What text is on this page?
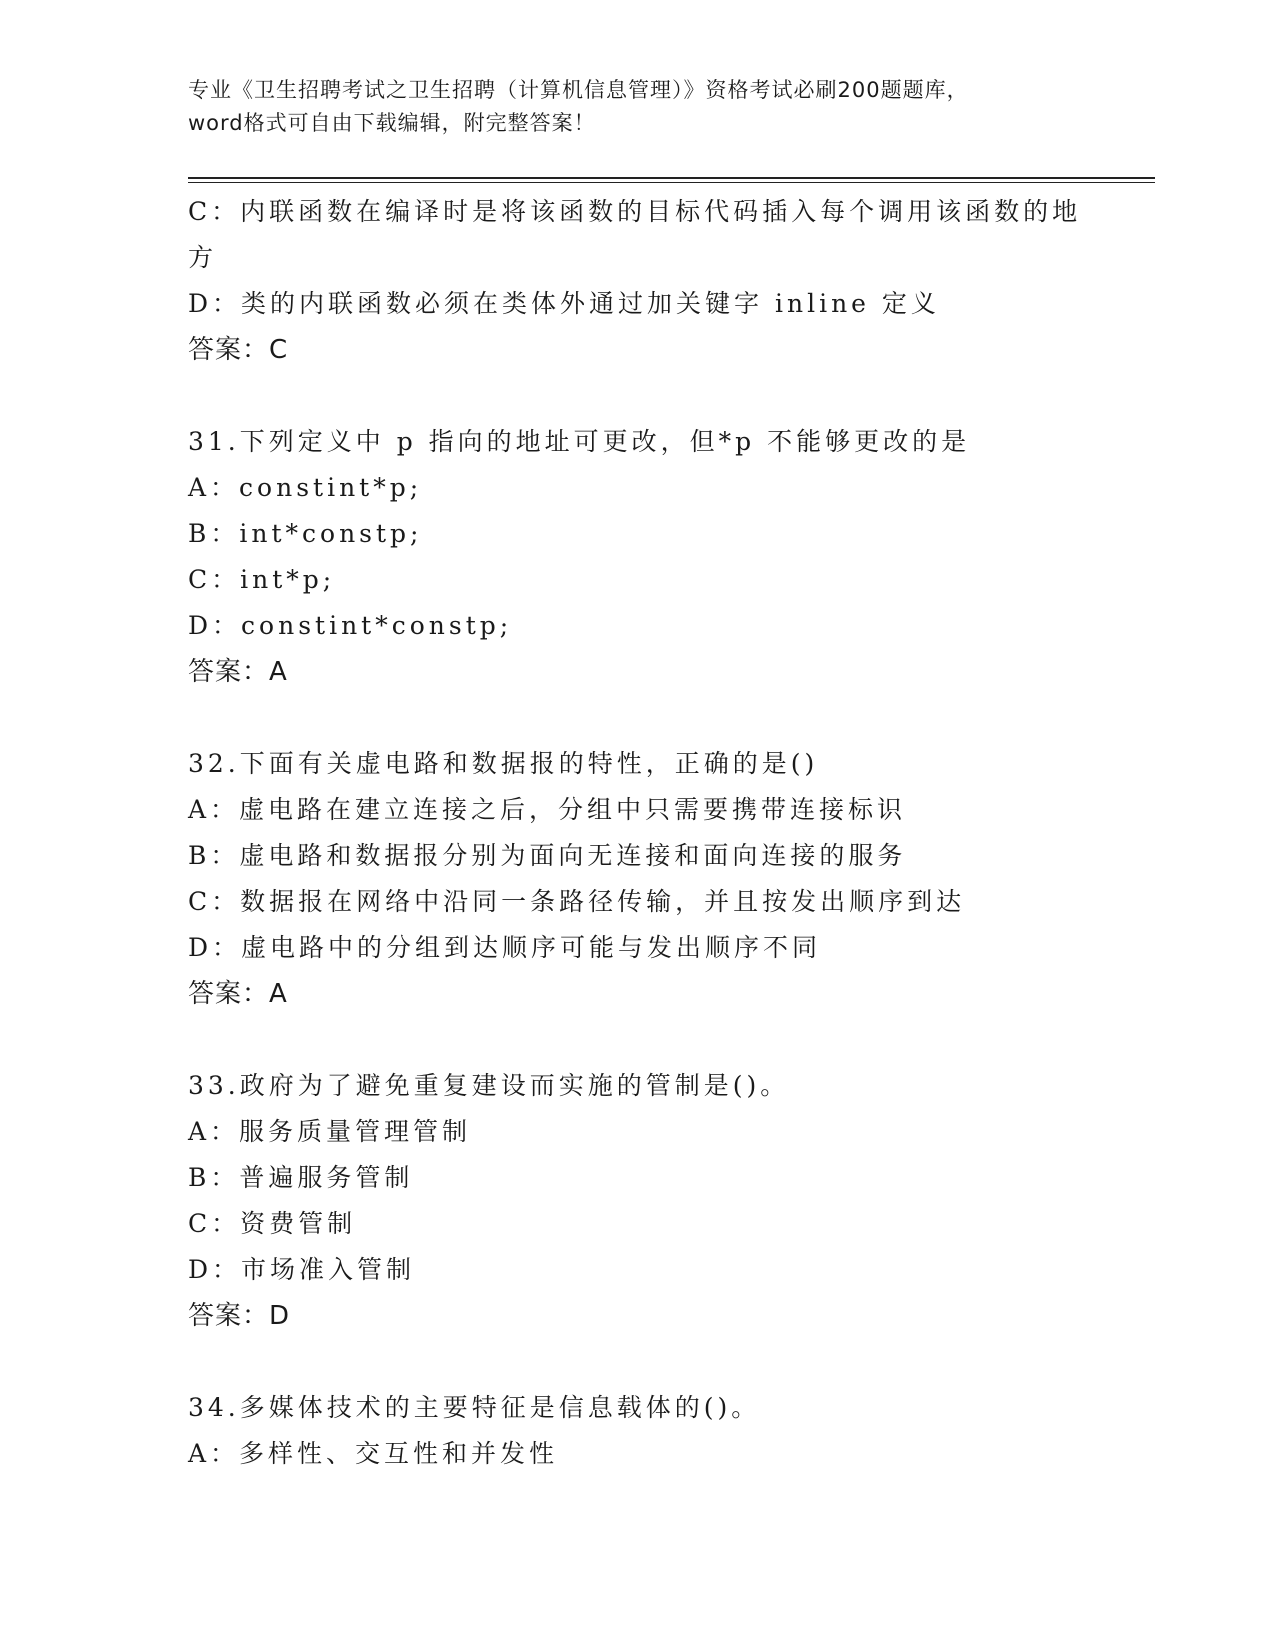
专业《卫生招聘考试之卫生招聘（计算机信息管理）》资格考试必刷200题题库，
word格式可自由下载编辑，附完整答案！
C：内联函数在编译时是将该函数的目标代码插入每个调用该函数的地
方
D：类的内联函数必须在类体外通过加关键字 inline 定义
答案：C
31.下列定义中 p 指向的地址可更改，但*p 不能够更改的是
A：constint*p;
B：int*constp;
C：int*p;
D：constint*constp;
答案：A
32.下面有关虚电路和数据报的特性，正确的是()
A：虚电路在建立连接之后，分组中只需要携带连接标识
B：虚电路和数据报分别为面向无连接和面向连接的服务
C：数据报在网络中沿同一条路径传输，并且按发出顺序到达
D：虚电路中的分组到达顺序可能与发出顺序不同
答案：A
33.政府为了避免重复建设而实施的管制是()。
A：服务质量管理管制
B：普遍服务管制
C：资费管制
D：市场准入管制
答案：D
34.多媒体技术的主要特征是信息载体的()。
A：多样性、交互性和并发性
